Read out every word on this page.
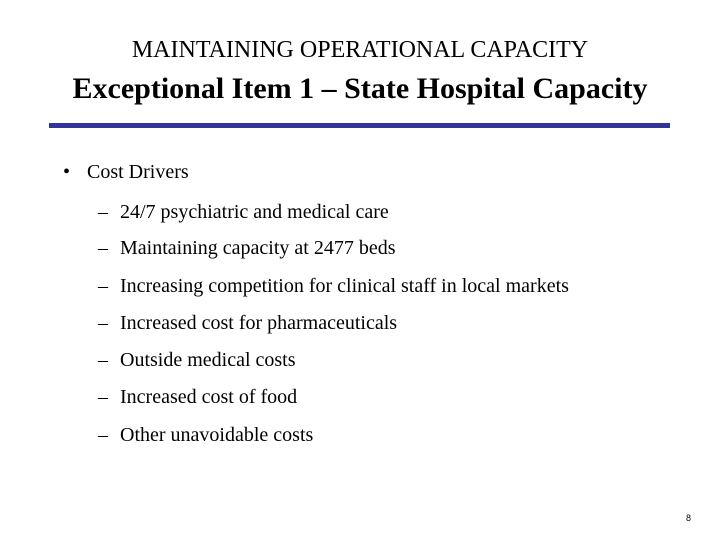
MAINTAINING OPERATIONAL CAPACITY
Exceptional Item 1 – State Hospital Capacity
• Cost Drivers
– 24/7 psychiatric and medical care
– Maintaining capacity at 2477 beds
– Increasing competition for clinical staff in local markets
– Increased cost for pharmaceuticals
– Outside medical costs
– Increased cost of food
– Other unavoidable costs
8
